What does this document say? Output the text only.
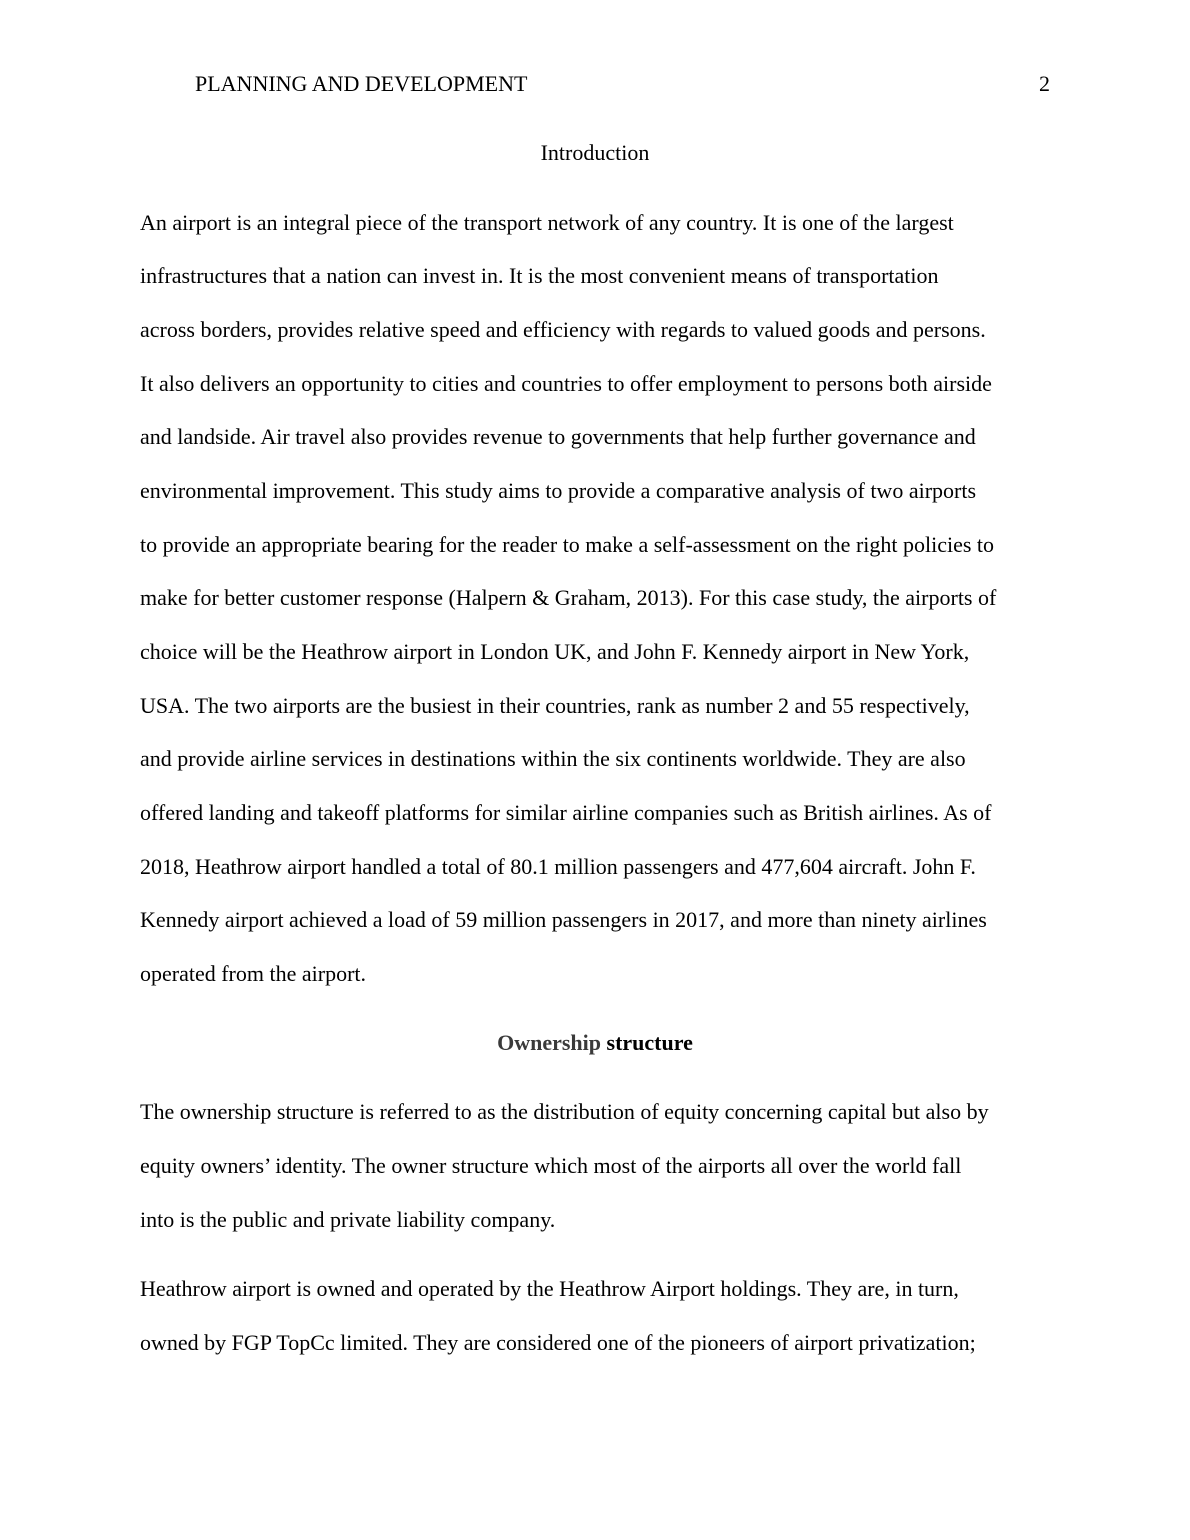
PLANNING AND DEVELOPMENT	2
Introduction
An airport is an integral piece of the transport network of any country. It is one of the largest
infrastructures that a nation can invest in. It is the most convenient means of transportation
across borders, provides relative speed and efficiency with regards to valued goods and persons.
It also delivers an opportunity to cities and countries to offer employment to persons both airside
and landside. Air travel also provides revenue to governments that help further governance and
environmental improvement. This study aims to provide a comparative analysis of two airports
to provide an appropriate bearing for the reader to make a self-assessment on the right policies to
make for better customer response (Halpern & Graham, 2013). For this case study, the airports of
choice will be the Heathrow airport in London UK, and John F. Kennedy airport in New York,
USA. The two airports are the busiest in their countries, rank as number 2 and 55 respectively,
and provide airline services in destinations within the six continents worldwide. They are also
offered landing and takeoff platforms for similar airline companies such as British airlines. As of
2018, Heathrow airport handled a total of 80.1 million passengers and 477,604 aircraft. John F.
Kennedy airport achieved a load of 59 million passengers in 2017, and more than ninety airlines
operated from the airport.
Ownership structure
The ownership structure is referred to as the distribution of equity concerning capital but also by
equity owners’ identity. The owner structure which most of the airports all over the world fall
into is the public and private liability company.
Heathrow airport is owned and operated by the Heathrow Airport holdings. They are, in turn,
owned by FGP TopCc limited. They are considered one of the pioneers of airport privatization;
